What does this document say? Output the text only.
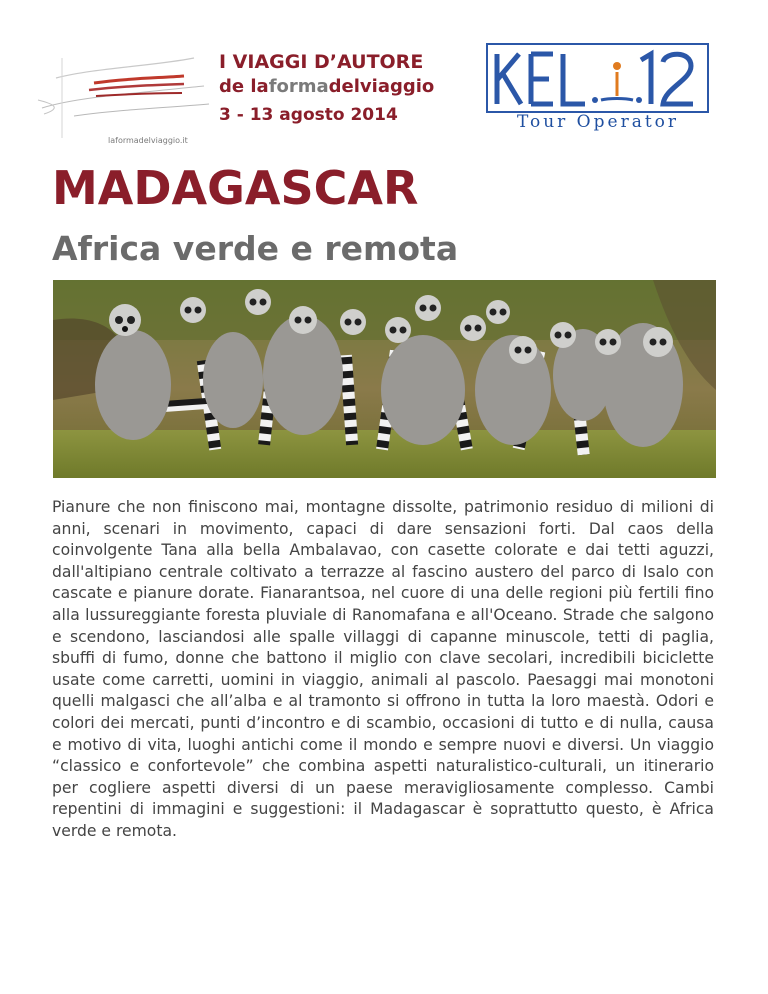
laformadelviaggio.it
I VIAGGI D’AUTORE
de laformadelviaggio
3 - 13 agosto 2014	Tour Operator
MADAGASCAR
Africa verde e remota

Pianure che non finiscono mai, montagne dissolte, patrimonio residuo di milioni di anni, scenari in movimento, capaci di dare sensazioni forti. Dal caos della coinvolgente Tana alla bella Ambalavao, con casette colorate e dai tetti aguzzi, dall'altipiano centrale coltivato a terrazze al fascino austero del parco di Isalo con cascate e pianure dorate. Fianarantsoa, nel cuore di una delle regioni più fertili fino alla lussureggiante foresta pluviale di Ranomafana e all'Oceano. Strade che salgono e scendono, lasciandosi alle spalle villaggi di capanne minuscole, tetti di paglia, sbuffi di fumo, donne che battono il miglio con clave secolari, incredibili biciclette usate come carretti, uomini in viaggio, animali al pascolo. Paesaggi mai monotoni quelli malgasci che all’alba e al tramonto si offrono in tutta la loro maestà. Odori e colori dei mercati, punti d’incontro e di scambio, occasioni di tutto e di nulla, causa e motivo di vita, luoghi antichi come il mondo e sempre nuovi e diversi. Un viaggio “classico e confortevole” che combina aspetti naturalistico-culturali, un itinerario per cogliere aspetti diversi di un paese meravigliosamente complesso. Cambi repentini di immagini e suggestioni: il Madagascar è soprattutto questo, è Africa verde e remota.
